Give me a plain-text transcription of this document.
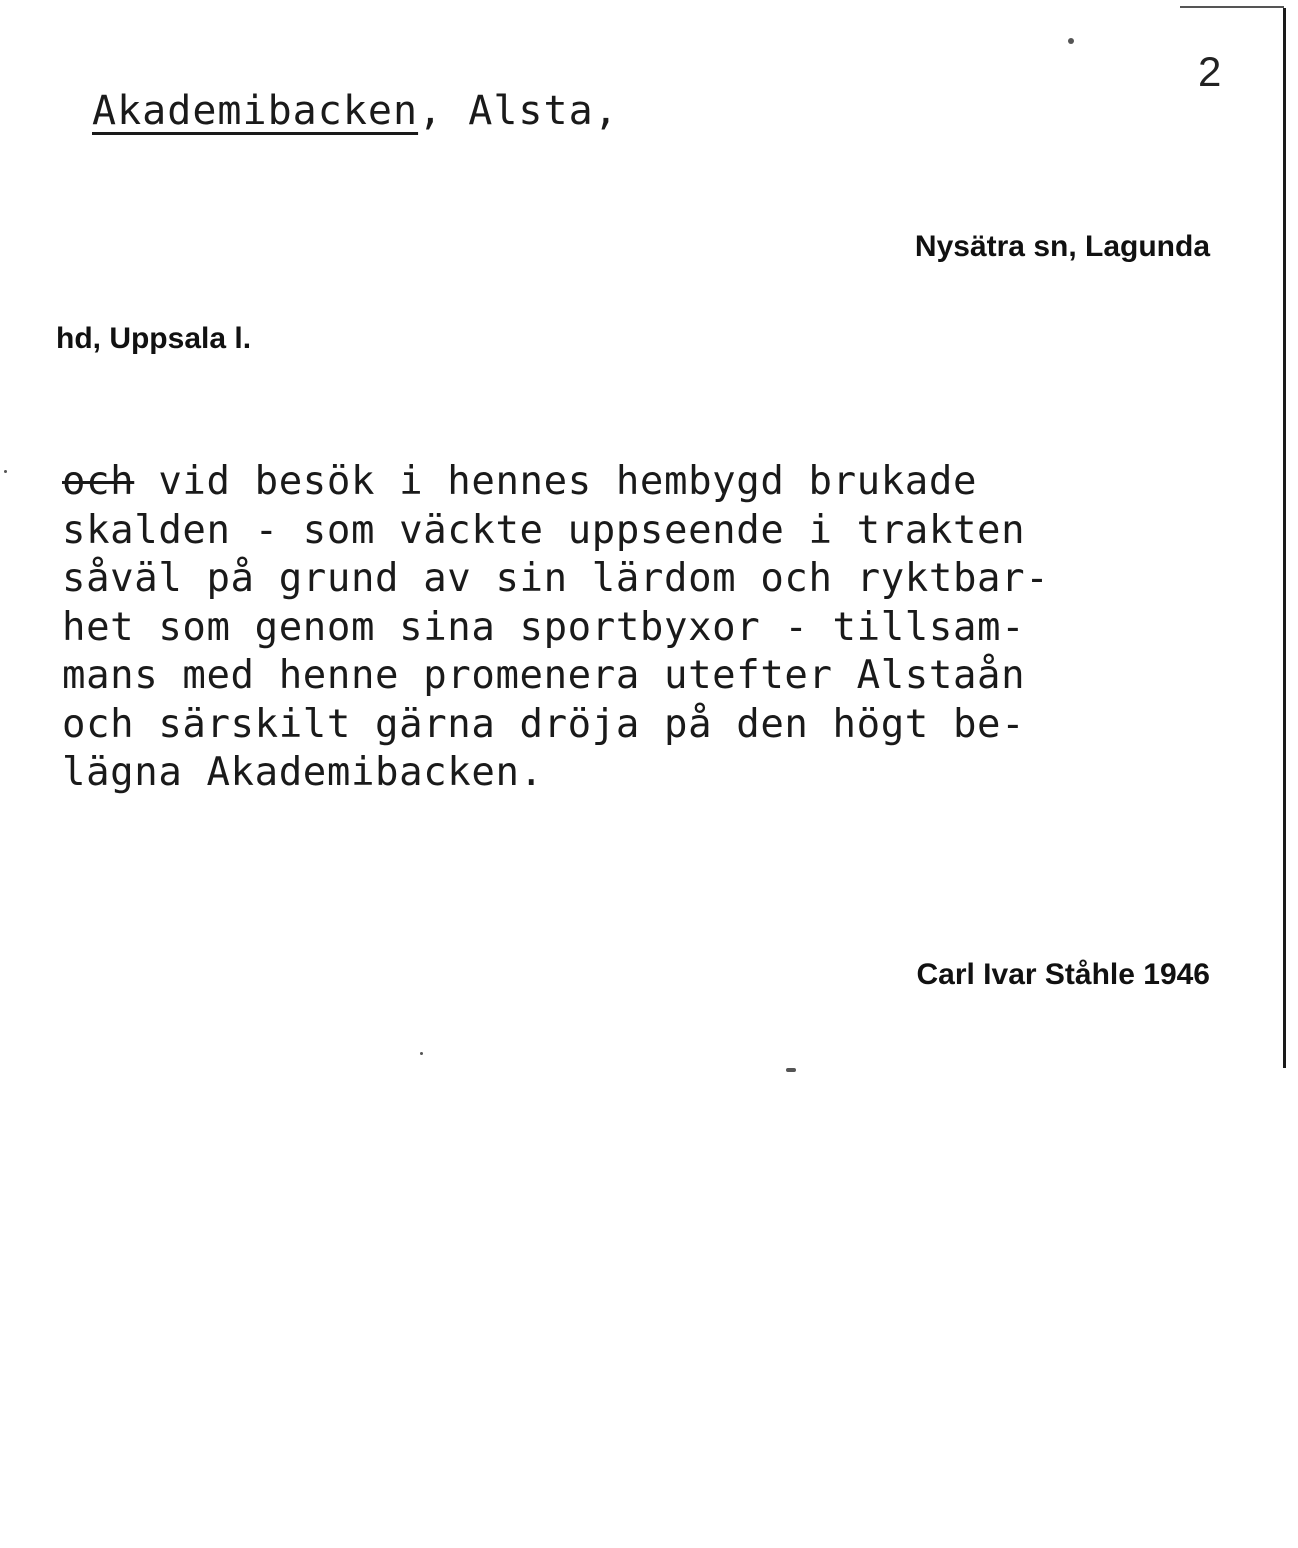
2
Akademibacken, Alsta,
Nysätra sn, Lagunda
hd, Uppsala l.
och vid besök i hennes hembygd brukade
skalden - som väckte uppseende i trakten
såväl på grund av sin lärdom och ryktbar-
het som genom sina sportbyxor - tillsam-
mans med henne promenera utefter Alstaån
och särskilt gärna dröja på den högt be-
lägna Akademibacken.
Carl Ivar Ståhle 1946
